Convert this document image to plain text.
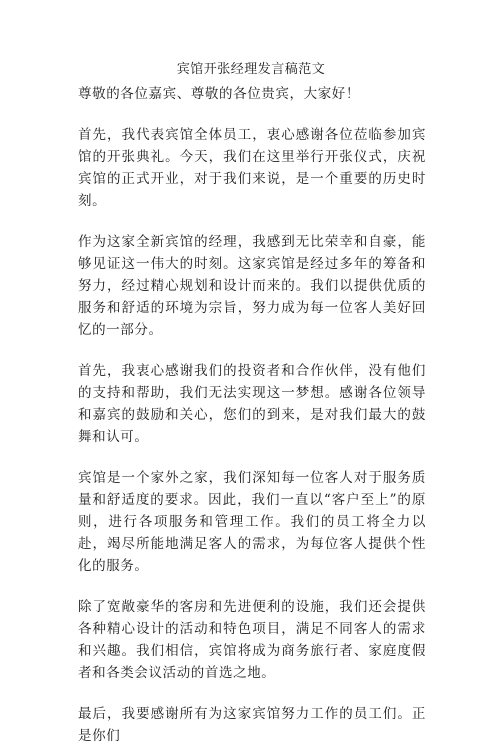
宾馆开张经理发言稿范文

尊敬的各位嘉宾、尊敬的各位贵宾，大家好！

首先，我代表宾馆全体员工，衷心感谢各位莅临参加宾馆的开张典礼。今天，我们在这里举行开张仪式，庆祝宾馆的正式开业，对于我们来说，是一个重要的历史时刻。

作为这家全新宾馆的经理，我感到无比荣幸和自豪，能够见证这一伟大的时刻。这家宾馆是经过多年的筹备和努力，经过精心规划和设计而来的。我们以提供优质的服务和舒适的环境为宗旨，努力成为每一位客人美好回忆的一部分。

首先，我衷心感谢我们的投资者和合作伙伴，没有他们的支持和帮助，我们无法实现这一梦想。感谢各位领导和嘉宾的鼓励和关心，您们的到来，是对我们最大的鼓舞和认可。

宾馆是一个家外之家，我们深知每一位客人对于服务质量和舒适度的要求。因此，我们一直以“客户至上”的原则，进行各项服务和管理工作。我们的员工将全力以赴，竭尽所能地满足客人的需求，为每位客人提供个性化的服务。

除了宽敞豪华的客房和先进便利的设施，我们还会提供各种精心设计的活动和特色项目，满足不同客人的需求和兴趣。我们相信，宾馆将成为商务旅行者、家庭度假者和各类会议活动的首选之地。

最后，我要感谢所有为这家宾馆努力工作的员工们。正是你们
